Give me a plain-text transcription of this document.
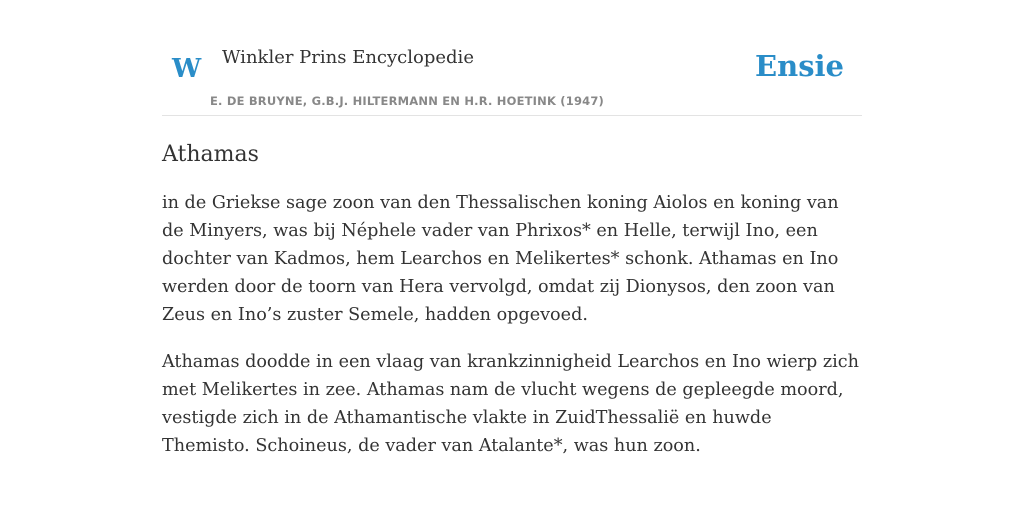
W Winkler Prins Encyclopedie
E. DE BRUYNE, G.B.J. HILTERMANN EN H.R. HOETINK (1947)
Ensie
Athamas

in de Griekse sage zoon van den Thessalischen koning Aiolos en koning van de Minyers, was bij Néphele vader van Phrixos* en Helle, terwijl Ino, een dochter van Kadmos, hem Learchos en Melikertes* schonk. Athamas en Ino werden door de toorn van Hera vervolgd, omdat zij Dionysos, den zoon van Zeus en Ino’s zuster Semele, hadden opgevoed.

Athamas doodde in een vlaag van krankzinnigheid Learchos en Ino wierp zich met Melikertes in zee. Athamas nam de vlucht wegens de gepleegde moord, vestigde zich in de Athamantische vlakte in ZuidThessalië en huwde Themisto. Schoineus, de vader van Atalante*, was hun zoon.
